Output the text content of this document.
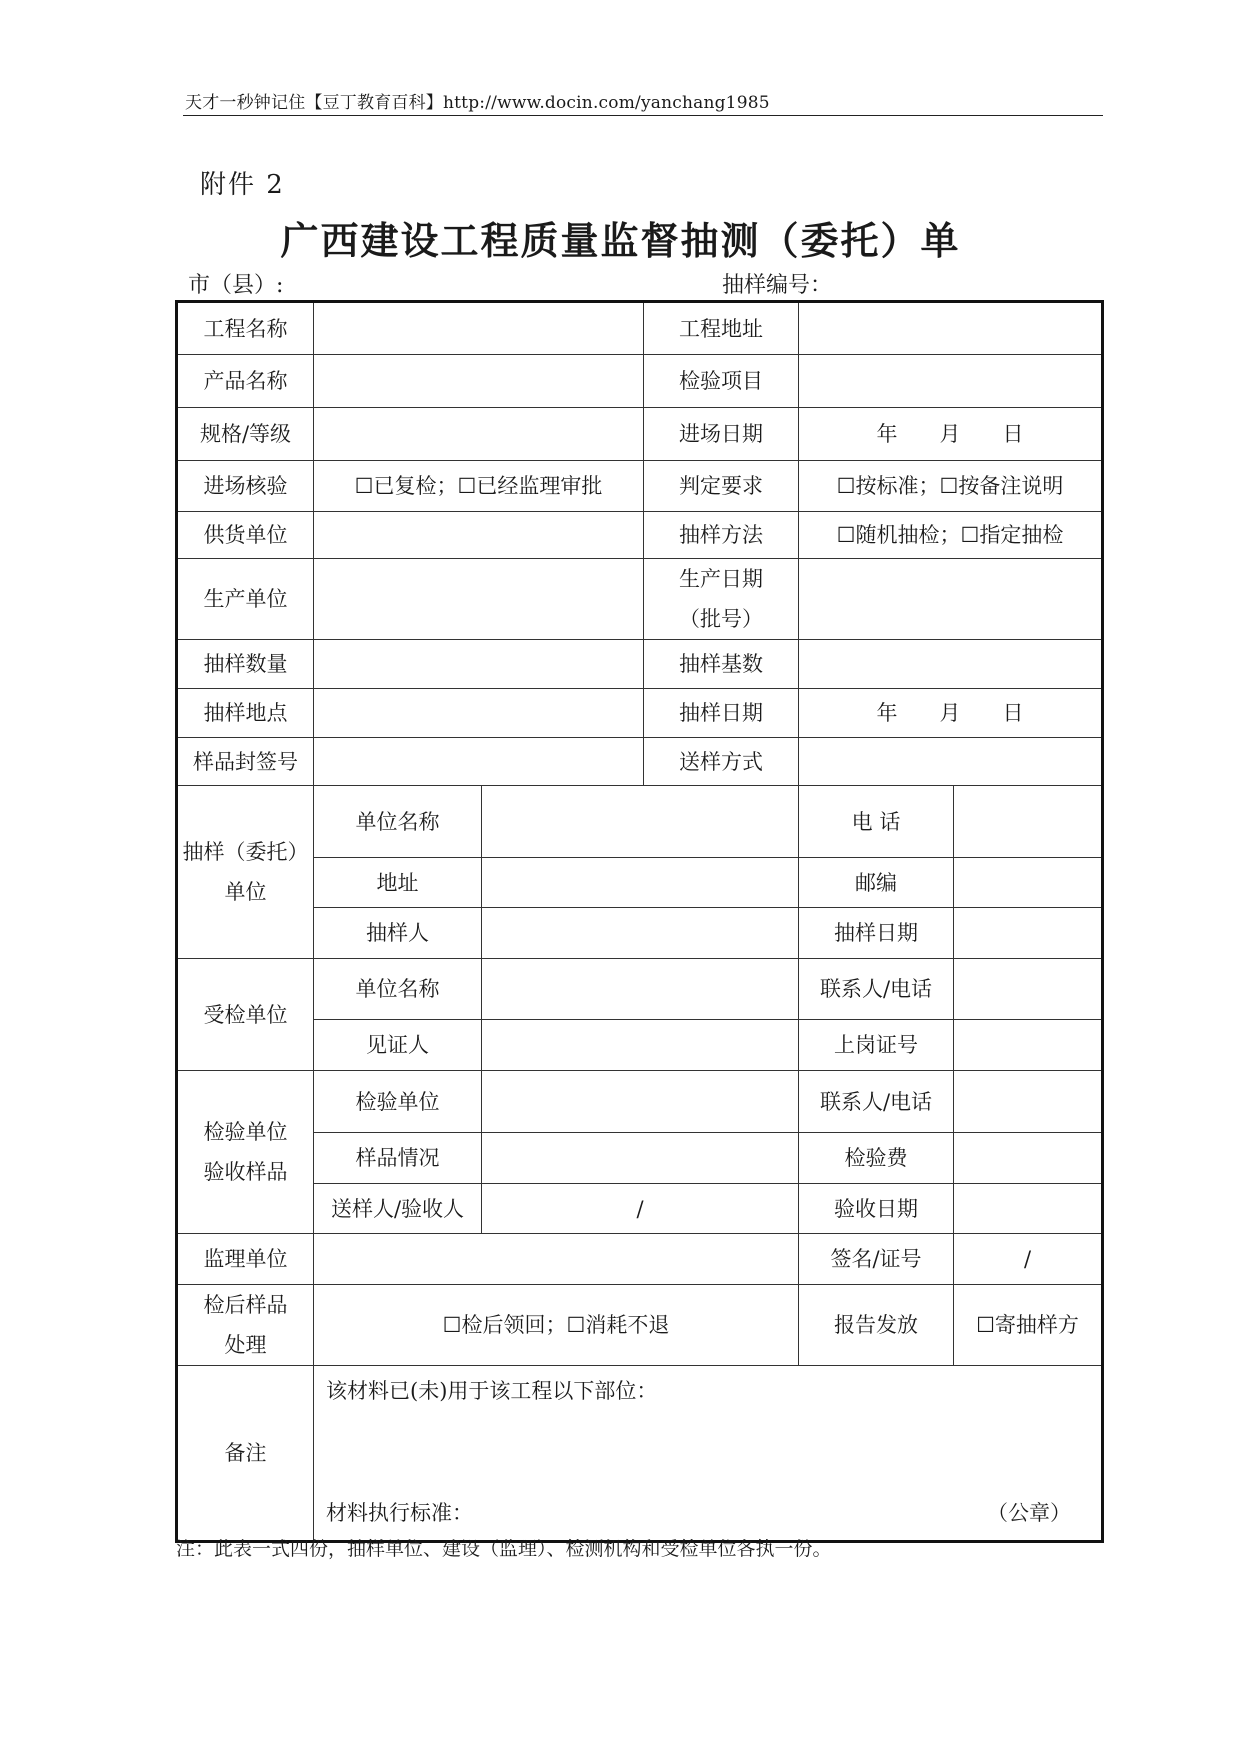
天才一秒钟记住【豆丁教育百科】http://www.docin.com/yanchang1985
附件 2
广西建设工程质量监督抽测（委托）单
市（县）:	抽样编号：
工程名称			工程地址		
产品名称			检验项目		
规格/等级			进场日期	年　　月　　日	
进场核验	☐已复检；☐已经监理审批		判定要求	☐按标准；☐按备注说明	
供货单位			抽样方法	☐随机抽检；☐指定抽检	
生产单位			生产日期
（批号）		

抽样数量			抽样基数		
抽样地点			抽样日期	年　　月　　日	
样品封签号			送样方式		

抽样（委托）
单位	单位名称			电 话	
	地址			邮编	
	抽样人			抽样日期	
受检单位	单位名称			联系人/电话	
	见证人			上岗证号	

检验单位
验收样品	检验单位			联系人/电话	
	样品情况			检验费	
	送样人/验收人	/		验收日期	
监理单位				签名/证号	/

检后样品
处理	☐检后领回；☐消耗不退			报告发放	☐寄抽样方
备注	该材料已(未)用于该工程以下部位：
材料执行标准： （公章）				
注：此表一式四份，抽样单位、建设（监理）、检测机构和受检单位各执一份。
